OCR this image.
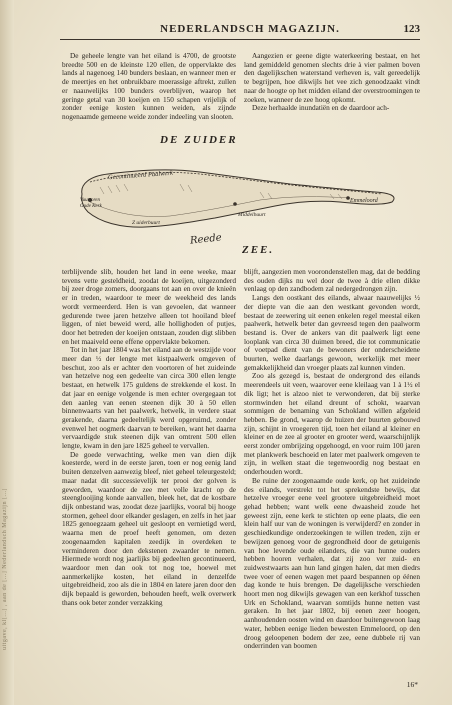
uitgave, kl[...] , aan de [...] Nederlandsch Magazijn [...]
NEDERLANDSCH MAGAZIJN.	123

De geheele lengte van het eiland is 4700, de grootste breedte 500 en de kleinste 120 ellen, de oppervlakte des lands al nagenoeg 140 bunders beslaan, en wanneer men er de meertjes en het onbruikbare moerassige aftrekt, zullen er naauwelijks 100 bunders overblijven, waarop het geringe getal van 30 koeijen en 150 schapen vrijelijk of zonder eenige kosten kunnen weiden, als zijnde nogenaamde gemeene weide zonder indeeling van slooten.

Aangezien er geene digte waterkeering bestaat, en het land gemiddeld genomen slechts drie à vier palmen boven den dagelijkschen waterstand verheven is, valt gereedelijk te begrijpen, hoe dikwijls het vee zich genoodzaakt vindt naar de hoogte op het midden eiland der overstroomingen te zoeken, wanneer de zee hoog opkomt.

Deze herhaalde inundatiën en de daardoor ach-

DE ZUIDER
Gecontinueerd Paalwerk
Vuurtoren
Oude Kerk
Middelbuurt
Z uiderbuurt
Emmeloord
Reede
ZEE.

terblijvende slib, houden het land in eene weeke, maar tevens vette gesteldheid, zoodat de koeijen, uitgezonderd bij zeer droge zomers, doorgaans tot aan en over de knieën er in treden, waardoor te meer de weekheid des lands wordt vermeerderd. Hen is van gevoelen, dat wanneer gedurende twee jaren hetzelve alleen tot hooiland bleef liggen, of niet beweid werd, alle hollighoden of putjes, door het betreden der koeijen ontstaan, zouden digt slibben en het maaiveld eene effene oppervlakte bekomen.

Tot in het jaar 1804 was het eiland aan de westzijde voor meer dan ½ der lengte met kistpaalwerk omgeven of beschut, zoo als er achter den voortoren of het zuideinde van hetzelve nog een gedeelte van circa 300 ellen lengte bestaat, en hetwelk 175 guldens de strekkende el kost. In dat jaar en eenige volgende is men echter overgegaan tot den aanleg van eenen steenen dijk 30 à 50 ellen binnenwaarts van het paalwerk, hetwelk, in verdere staat gerakende, daarna gedeeltelijk werd opgeruimd, zonder evenwel het oogmerk daarvan te bereiken, want het daarna vervaardigde stuk steenen dijk van omtrent 500 ellen lengte, kwam in den jare 1825 geheel te vervallen.

De goede verwachting, welke men van dien dijk koesterde, werd in de eerste jaren, toen er nog eenig land buiten denzelven aanwezig bleef, niet geheel teleurgesteld; maar nadat dit successievelijk ter prooi der golven is geworden, waardoor de zee met volle kracht op de steenglooijing konde aanvallen, bleek het, dat de kostbare dijk onbestand was, zoodat deze jaarlijks, vooral bij hooge stormen, geheel door elkander geslagen, en zelfs in het jaar 1825 genoegzaam geheel uit gesloopt en vernietigd werd, waarna men de proef heeft genomen, om dezen zoogenaamden kapitalen zeedijk in overdeken te verminderen door den dekstenen zwaarder te nemen. Hiermede wordt nog jaarlijks bij gedeelten gecontinueerd, waardoor men dan ook tot nog toe, hoewel met aanmerkelijke kosten, het eiland in denzelfde uitgebreidheid, zoo als die in 1804 en latere jaren door den dijk bepaald is geworden, behouden heeft, welk overwerk thans ook beter zonder verzakking

blijft, aangezien men voorondenstellen mag, dat de bedding des ouden dijks nu wel door de twee à drie ellen dikke venlaag op den zandbodem zal nedergedrongen zijn.

Langs den oostkant des eilands, alwaar naauwelijks ½ der diepte van die aan den westkant gevonden wordt, bestaat de zeewering uit eenen enkelen regel meestal eiken paalwerk, hetwelk beter dan gevreesd tegen den paalworm bestand is. Over de ankers van dit paalwerk ligt eene looplank van circa 30 duimen breed, die tot communicatie of voetpad dient van de bewoners der onderscheidene buurten, welke daarlangs gewoon, werkelijk met meer gemakkelijkheid dan vroeger plaats zal kunnen vinden.

Zoo als gezegd is, bestaat de ondergrond des eilands meerendeels uit veen, waarover eene kleilaag van 1 à 1½ el dik ligt; het is alzoo niet te verwonderen, dat bij sterke stormwinden het eiland dreunt of schokt, waarvan sommigen de benaming van Schokland willen afgeleid hebben. Be grond, waarop de huizen der buurten gebouwd zijn, schijnt in vroegeren tijd, toen het eiland al kleiner en kleiner en de zee al grooter en grooter werd, waarschijnlijk eerst zonder ombrijzing opgehoogd, en voor ruim 100 jaren met plankwerk beschoeid en later met paalwerk omgeven te zijn, in welken staat die tegenwoordig nog bestaat en onderhouden wordt.

Be ruine der zoogenaamde oude kerk, op het zuideinde des eilands, verstrekt tot het sprekendste bewijs, dat hetzelve vroeger eene veel grootere uitgebreidheid moet gehad hebben; want welk eene dwaasheid zoude het geweest zijn, eene kerk te stichten op eene plaats, die een klein half uur van de woningen is verwijderd? en zonder in geschiedkundige onderzoekingen te willen treden, zijn er bewijzen genoeg voor de gegrondheid door de getuigenis van hoe levende oude eilanders, die van hunne ouders hebben hooren verhalen, dat zij zoo ver zuid- en zuidwestwaarts aan hun land gingen halen, dat men diedrs twee voer of eenen wagen met paard bespannen op éénen dag konde te huis brengen. De dagelijksche verschieden hoort men nog dikwijls gewagen van een kerkhof tusschen Urk en Schokland, waarvan somtijds hunne netten vast geraken. In het jaar 1802, bij eenen zeer hoogen, aanhoudenden oosten wind en daardoor buitengewoon laag water, hebben eenige lieden bewesten Emmeloord, op den droog geloopenen bodem der zee, eene dubbele rij van onderrinden van boomen

16*
